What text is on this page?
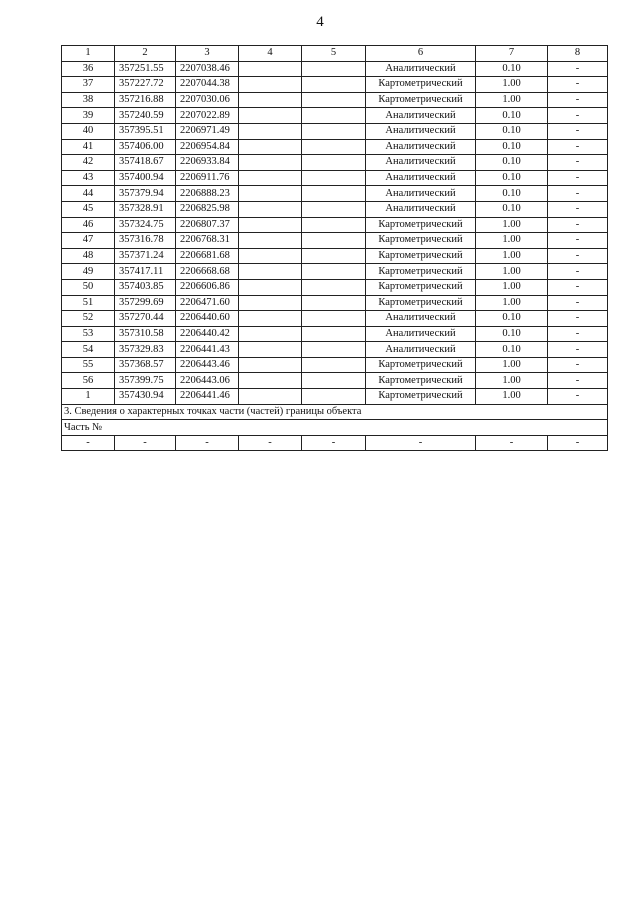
4
1	2	3	4	5	6	7	8
36	357251.55	2207038.46			Аналитический	0.10	-
37	357227.72	2207044.38			Картометрический	1.00	-
38	357216.88	2207030.06			Картометрический	1.00	-
39	357240.59	2207022.89			Аналитический	0.10	-
40	357395.51	2206971.49			Аналитический	0.10	-
41	357406.00	2206954.84			Аналитический	0.10	-
42	357418.67	2206933.84			Аналитический	0.10	-
43	357400.94	2206911.76			Аналитический	0.10	-
44	357379.94	2206888.23			Аналитический	0.10	-
45	357328.91	2206825.98			Аналитический	0.10	-
46	357324.75	2206807.37			Картометрический	1.00	-
47	357316.78	2206768.31			Картометрический	1.00	-
48	357371.24	2206681.68			Картометрический	1.00	-
49	357417.11	2206668.68			Картометрический	1.00	-
50	357403.85	2206606.86			Картометрический	1.00	-
51	357299.69	2206471.60			Картометрический	1.00	-
52	357270.44	2206440.60			Аналитический	0.10	-
53	357310.58	2206440.42			Аналитический	0.10	-
54	357329.83	2206441.43			Аналитический	0.10	-
55	357368.57	2206443.46			Картометрический	1.00	-
56	357399.75	2206443.06			Картометрический	1.00	-
1	357430.94	2206441.46			Картометрический	1.00	-
3. Сведения о характерных точках части (частей) границы объекта							
Часть №							
-	-	-	-	-	-	-	-
